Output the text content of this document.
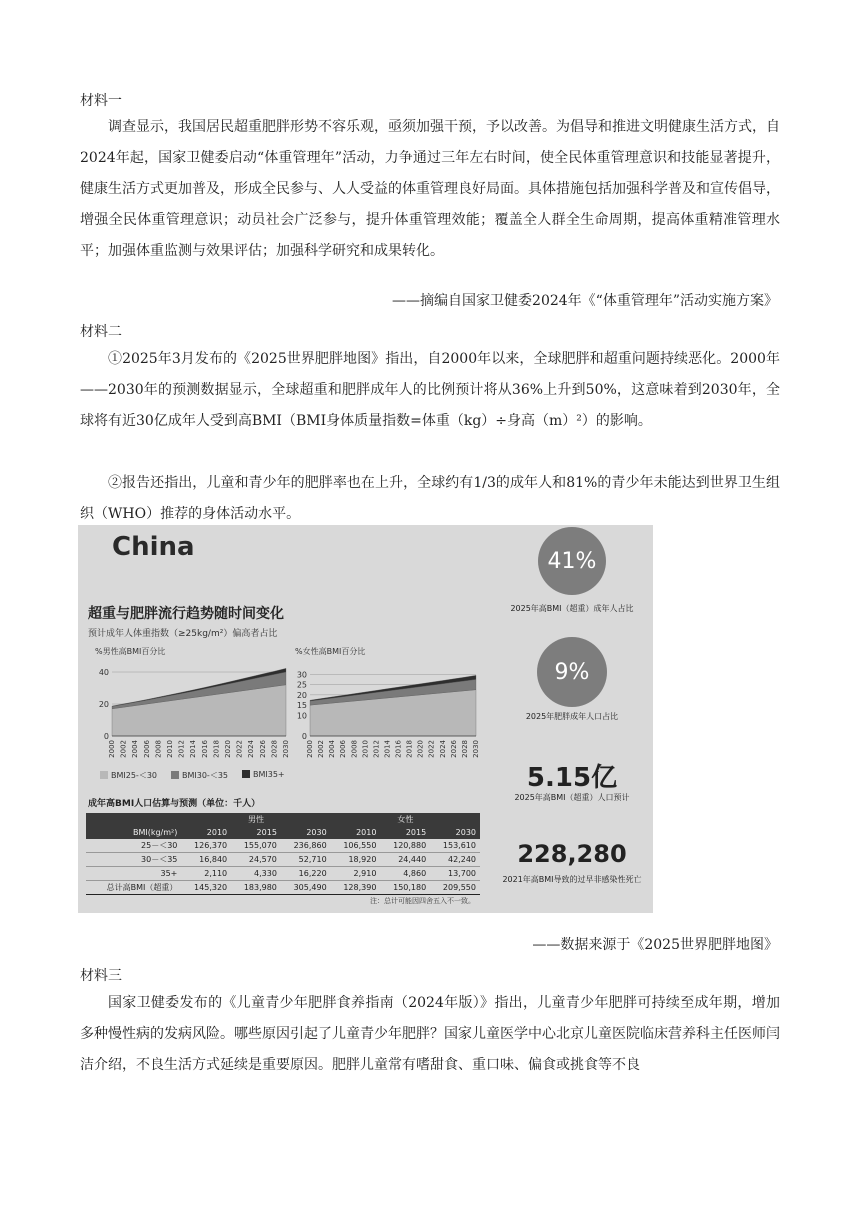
材料一
调查显示，我国居民超重肥胖形势不容乐观，亟须加强干预，予以改善。为倡导和推进文明健康生活方式，自2024年起，国家卫健委启动“体重管理年”活动，力争通过三年左右时间，使全民体重管理意识和技能显著提升，健康生活方式更加普及，形成全民参与、人人受益的体重管理良好局面。具体措施包括加强科学普及和宣传倡导，增强全民体重管理意识；动员社会广泛参与，提升体重管理效能；覆盖全人群全生命周期，提高体重精准管理水平；加强体重监测与效果评估；加强科学研究和成果转化。
——摘编自国家卫健委2024年《“体重管理年”活动实施方案》
材料二
①2025年3月发布的《2025世界肥胖地图》指出，自2000年以来，全球肥胖和超重问题持续恶化。2000年——2030年的预测数据显示，全球超重和肥胖成年人的比例预计将从36%上升到50%，这意味着到2030年，全球将有近30亿成年人受到高BMI（BMI身体质量指数=体重（kg）÷身高（m）²）的影响。
②报告还指出，儿童和青少年的肥胖率也在上升，全球约有1/3的成年人和81%的青少年未能达到世界卫生组织（WHO）推荐的身体活动水平。
China
超重与肥胖流行趋势随时间变化
预计成年人体重指数（≥25kg/m²）偏高者占比
%男性高BMI百分比	%女性高BMI百分比
0
20
40
2000 2002 2004 2006 2008 2010 2012 2014 2016 2018 2020 2022 2024 2026 2028 2030
0
10
15
20
25
30
2000 2002 2004 2006 2008 2010 2012 2014 2016 2018 2020 2022 2024 2026 2028 2030
BMI25-＜30	BMI30-＜35	BMI35+
成年高BMI人口估算与预测（单位：千人）
	男性			女性		
BMI(kg/m²)	2010	2015	2030	2010	2015	2030
25－＜30	126,370	155,070	236,860	106,550	120,880	153,610
30－＜35	16,840	24,570	52,710	18,920	24,440	42,240
35+	2,110	4,330	16,220	2,910	4,860	13,700
总计高BMI（超重）	145,320	183,980	305,490	128,390	150,180	209,550
注：总计可能因四舍五入不一致。
41%
2025年高BMI（超重）成年人占比
9%
2025年肥胖成年人口占比
5.15亿
2025年高BMI（超重）人口预计
228,280
2021年高BMI导致的过早非感染性死亡
——数据来源于《2025世界肥胖地图》
材料三
国家卫健委发布的《儿童青少年肥胖食养指南（2024年版）》指出，儿童青少年肥胖可持续至成年期，增加多种慢性病的发病风险。哪些原因引起了儿童青少年肥胖？国家儿童医学中心北京儿童医院临床营养科主任医师闫洁介绍，不良生活方式延续是重要原因。肥胖儿童常有嗜甜食、重口味、偏食或挑食等不良
